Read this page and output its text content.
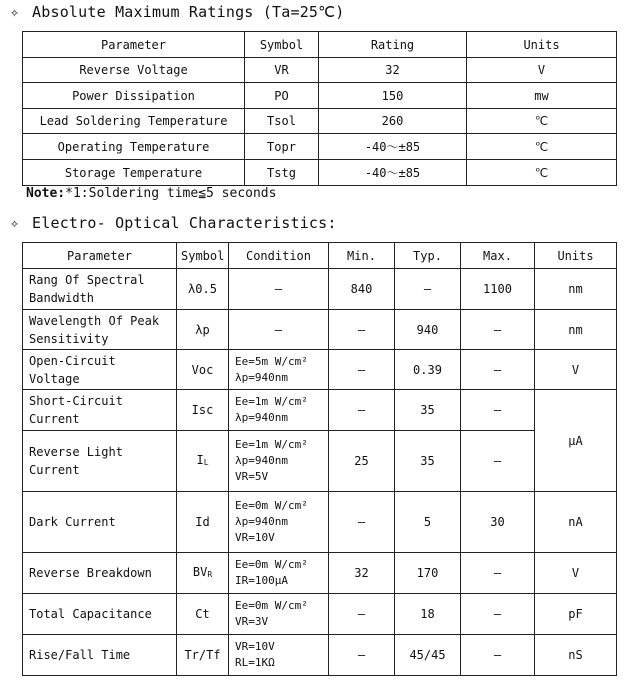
✧ Absolute Maximum Ratings (Ta=25℃)
Parameter	Symbol	Rating	Units
Reverse Voltage	VR	32	V
Power Dissipation	PO	150	mw
Lead Soldering Temperature	Tsol	260	℃
Operating Temperature	Topr	-40～±85	℃
Storage Temperature	Tstg	-40～±85	℃
Note:*1:Soldering time≦5 seconds
✧ Electro- Optical Characteristics:
Parameter	Symbol	Condition	Min.	Typ.	Max.	Units
Rang Of Spectral Bandwidth	λ0.5	–	840	–	1100	nm
Wavelength Of Peak Sensitivity	λp	–	–	940	–	nm
Open-Circuit Voltage	Voc	Ee=5m W/cm²
λp=940nm	–	0.39	–	V
Short-Circuit Current	Isc	Ee=1m W/cm²
λp=940nm	–	35	–	μA
Reverse Light Current	IL	Ee=1m W/cm²
λp=940nm
VR=5V	25	35	–	
Dark Current	Id	Ee=0m W/cm²
λp=940nm
VR=10V	–	5	30	nA
Reverse Breakdown	BVR	Ee=0m W/cm²
IR=100μA	32	170	–	V
Total Capacitance	Ct	Ee=0m W/cm²
VR=3V	–	18	–	pF
Rise/Fall Time	Tr/Tf	VR=10V
RL=1KΩ	–	45/45	–	nS
